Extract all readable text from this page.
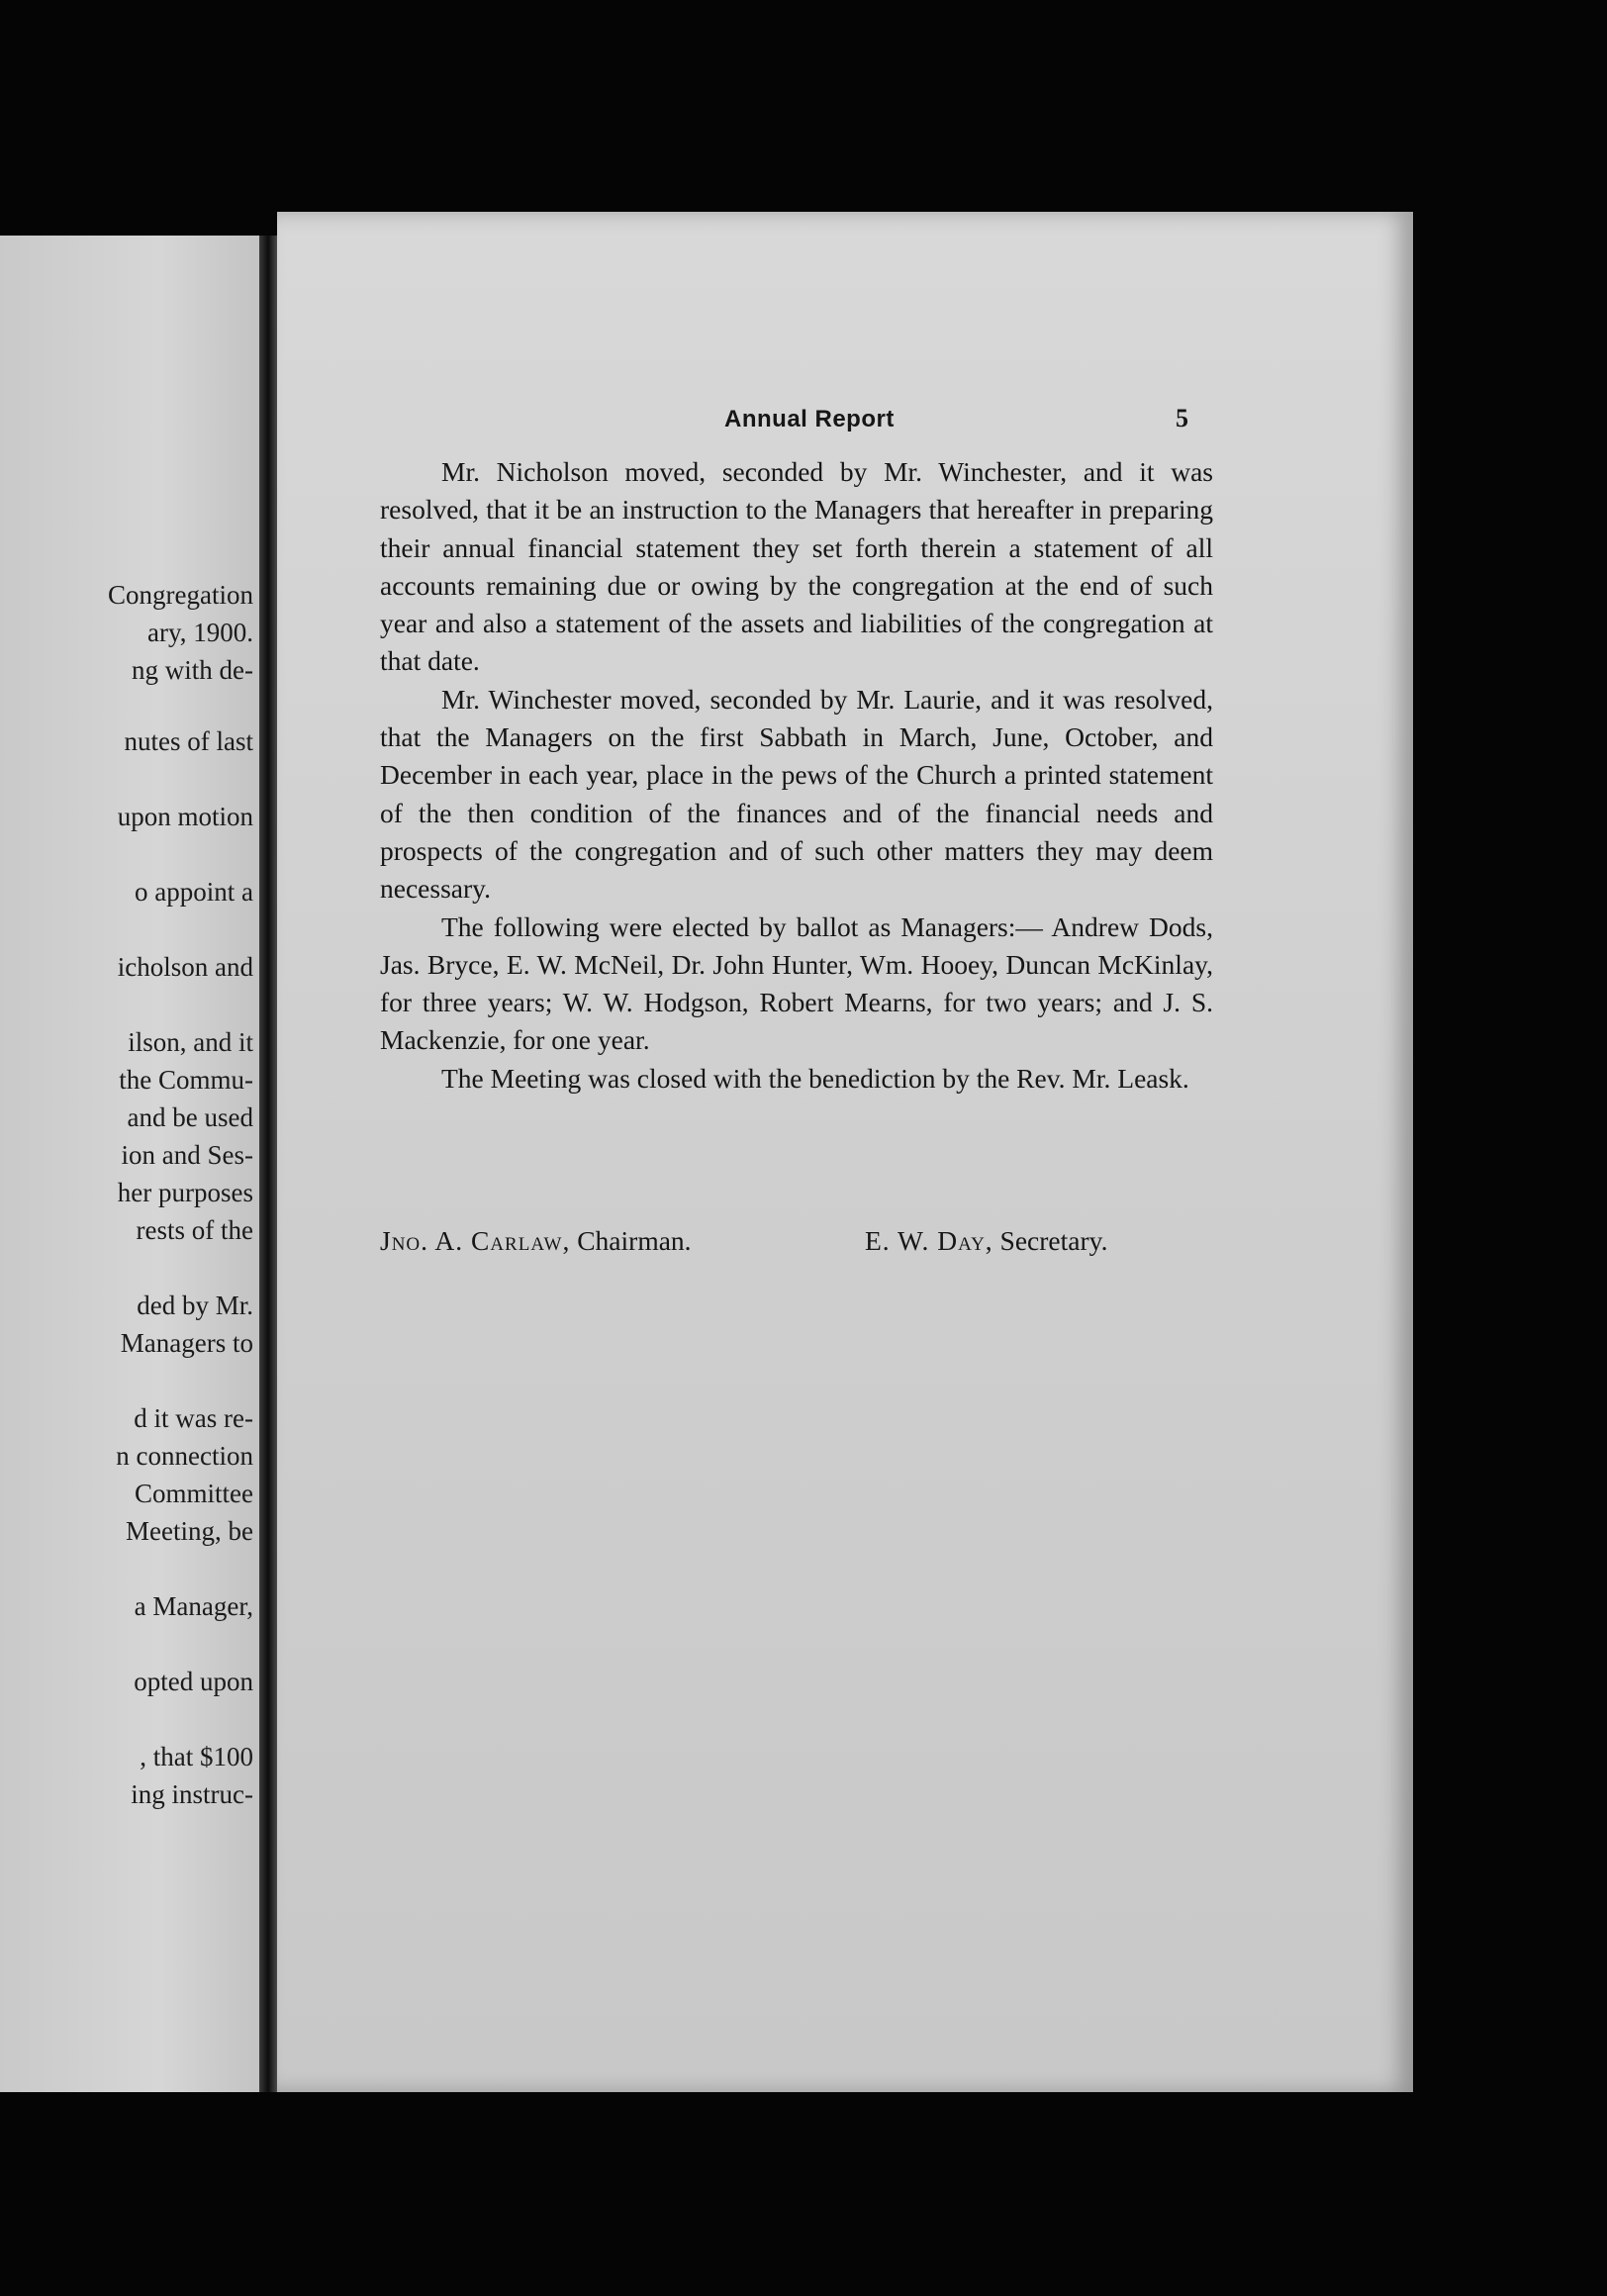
Congregation
ary, 1900.
ng with de-
nutes of last
upon motion
o appoint a
icholson and
ilson, and it
the Commu-
and be used
ion and Ses-
her purposes
rests of the
ded by Mr.
Managers to
d it was re-
n connection
Committee
Meeting, be
a Manager,
opted upon
, that $100
ing instruc-
Annual Report	5

Mr. Nicholson moved, seconded by Mr. Winchester, and it was resolved, that it be an instruction to the Managers that hereafter in preparing their annual financial statement they set forth therein a statement of all accounts remaining due or owing by the congregation at the end of such year and also a statement of the assets and liabilities of the congregation at that date.

Mr. Winchester moved, seconded by Mr. Laurie, and it was resolved, that the Managers on the first Sabbath in March, June, October, and December in each year, place in the pews of the Church a printed statement of the then condition of the finances and of the financial needs and prospects of the congregation and of such other matters they may deem necessary.

The following were elected by ballot as Managers:— Andrew Dods, Jas. Bryce, E. W. McNeil, Dr. John Hunter, Wm. Hooey, Duncan McKinlay, for three years; W. W. Hodgson, Robert Mearns, for two years; and J. S. Mackenzie, for one year.

The Meeting was closed with the benediction by the Rev. Mr. Leask.

Jno. A. Carlaw, Chairman.	E. W. Day, Secretary.
